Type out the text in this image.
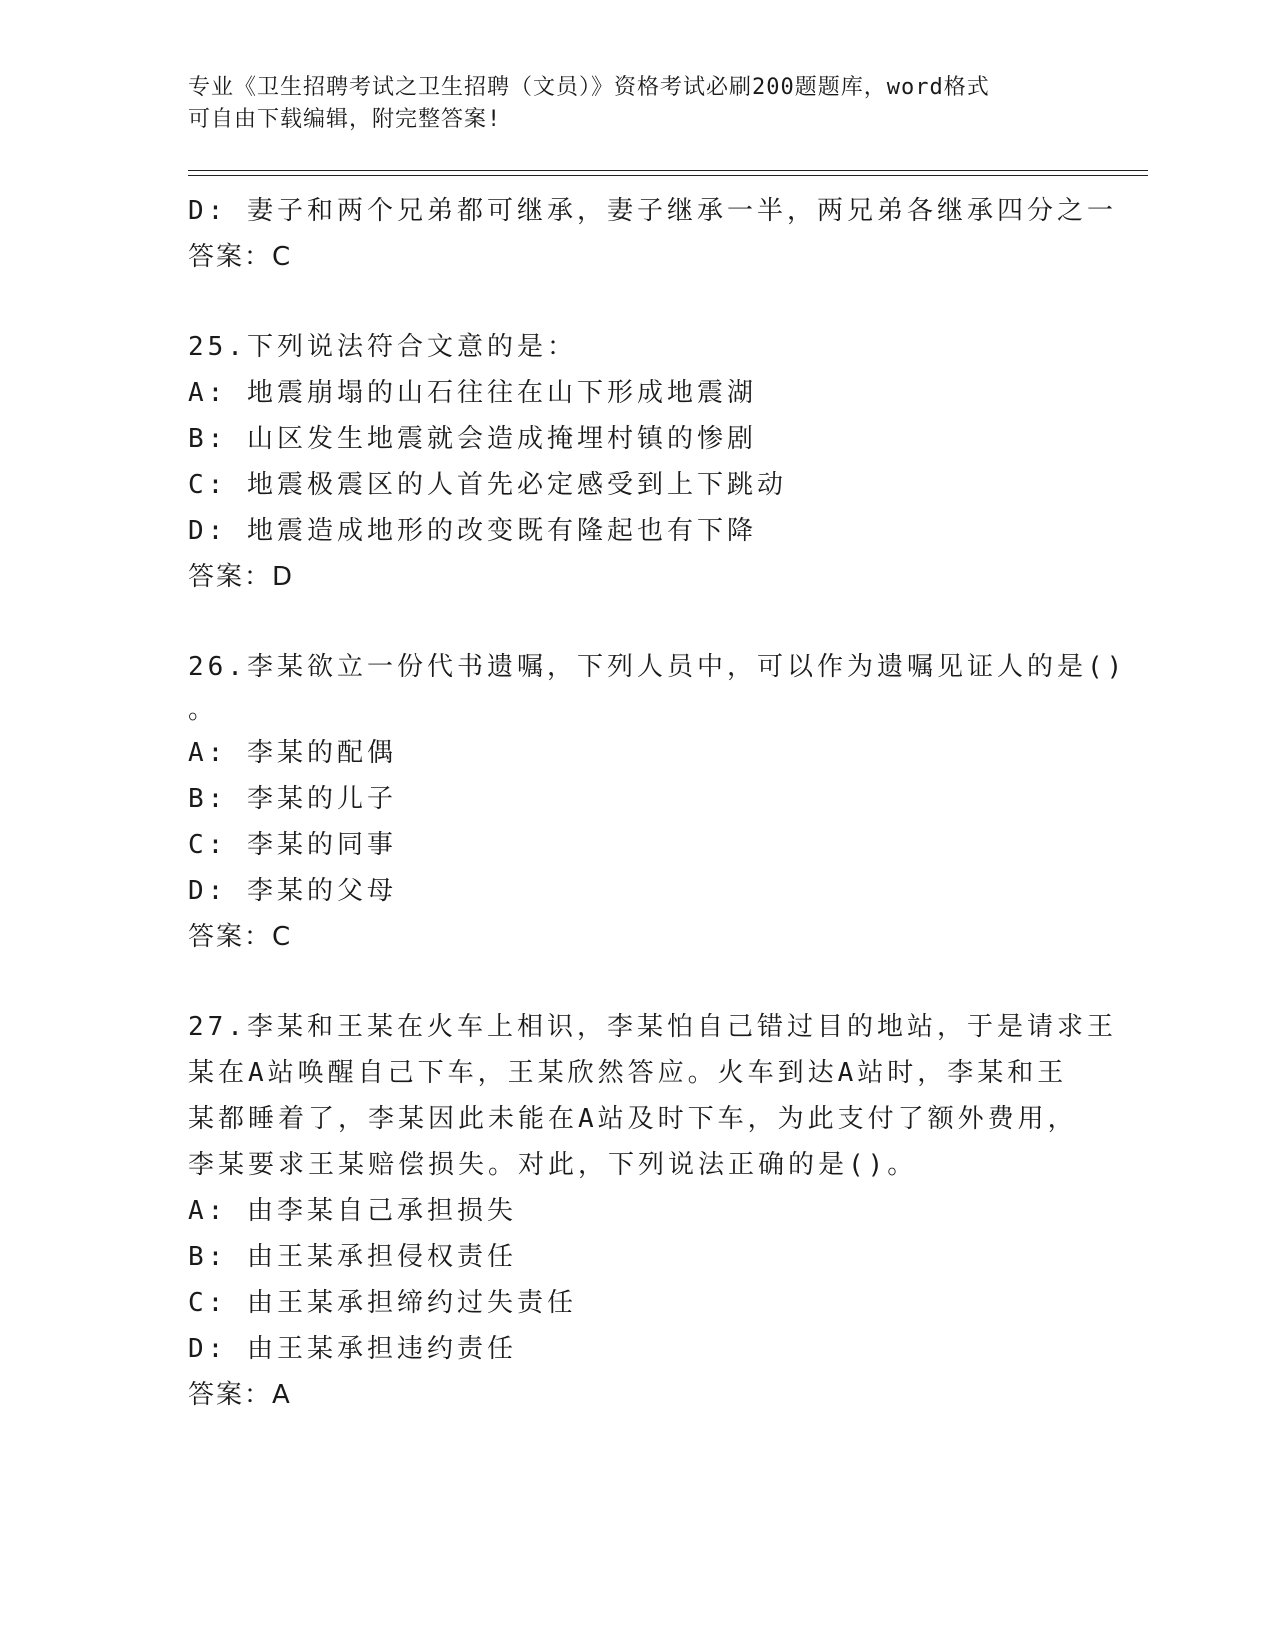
专业《卫生招聘考试之卫生招聘（文员）》资格考试必刷200题题库，word格式
可自由下载编辑，附完整答案!
D: 妻子和两个兄弟都可继承，妻子继承一半，两兄弟各继承四分之一
答案：C
25.下列说法符合文意的是：
A: 地震崩塌的山石往往在山下形成地震湖
B: 山区发生地震就会造成掩埋村镇的惨剧
C: 地震极震区的人首先必定感受到上下跳动
D: 地震造成地形的改变既有隆起也有下降
答案：D
26.李某欲立一份代书遗嘱，下列人员中，可以作为遗嘱见证人的是()
。
A: 李某的配偶
B: 李某的儿子
C: 李某的同事
D: 李某的父母
答案：C
27.李某和王某在火车上相识，李某怕自己错过目的地站，于是请求王
某在A站唤醒自己下车，王某欣然答应。火车到达A站时，李某和王
某都睡着了，李某因此未能在A站及时下车，为此支付了额外费用，
李某要求王某赔偿损失。对此，下列说法正确的是()。
A: 由李某自己承担损失
B: 由王某承担侵权责任
C: 由王某承担缔约过失责任
D: 由王某承担违约责任
答案：A
